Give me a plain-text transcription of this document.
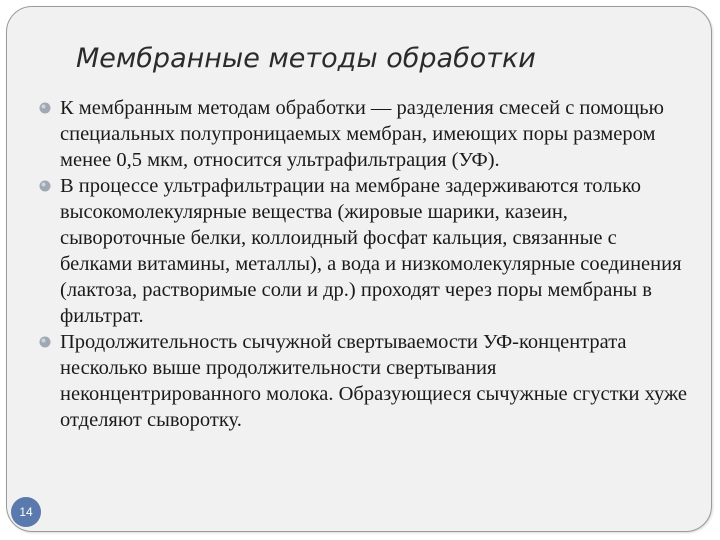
Мембранные методы обработки
К мембранным методам обработки — разделения смесей с помощью специальных полупроницаемых мембран, имеющих поры размером менее 0,5 мкм, относится ультрафильтрация (УФ).
В процессе ультрафильтрации на мембране задерживаются только высокомолекулярные вещества (жировые шарики, казеин, сывороточные белки, коллоидный фосфат кальция, связанные с белками витамины, металлы), а вода и низкомолекулярные соединения (лактоза, растворимые соли и др.) проходят через поры мембраны в фильтрат.
Продолжительность сычужной свертываемости УФ-концентрата несколько выше продолжительности свертывания неконцентрированного молока. Образующиеся сычужные сгустки хуже отделяют сыворотку.
14
